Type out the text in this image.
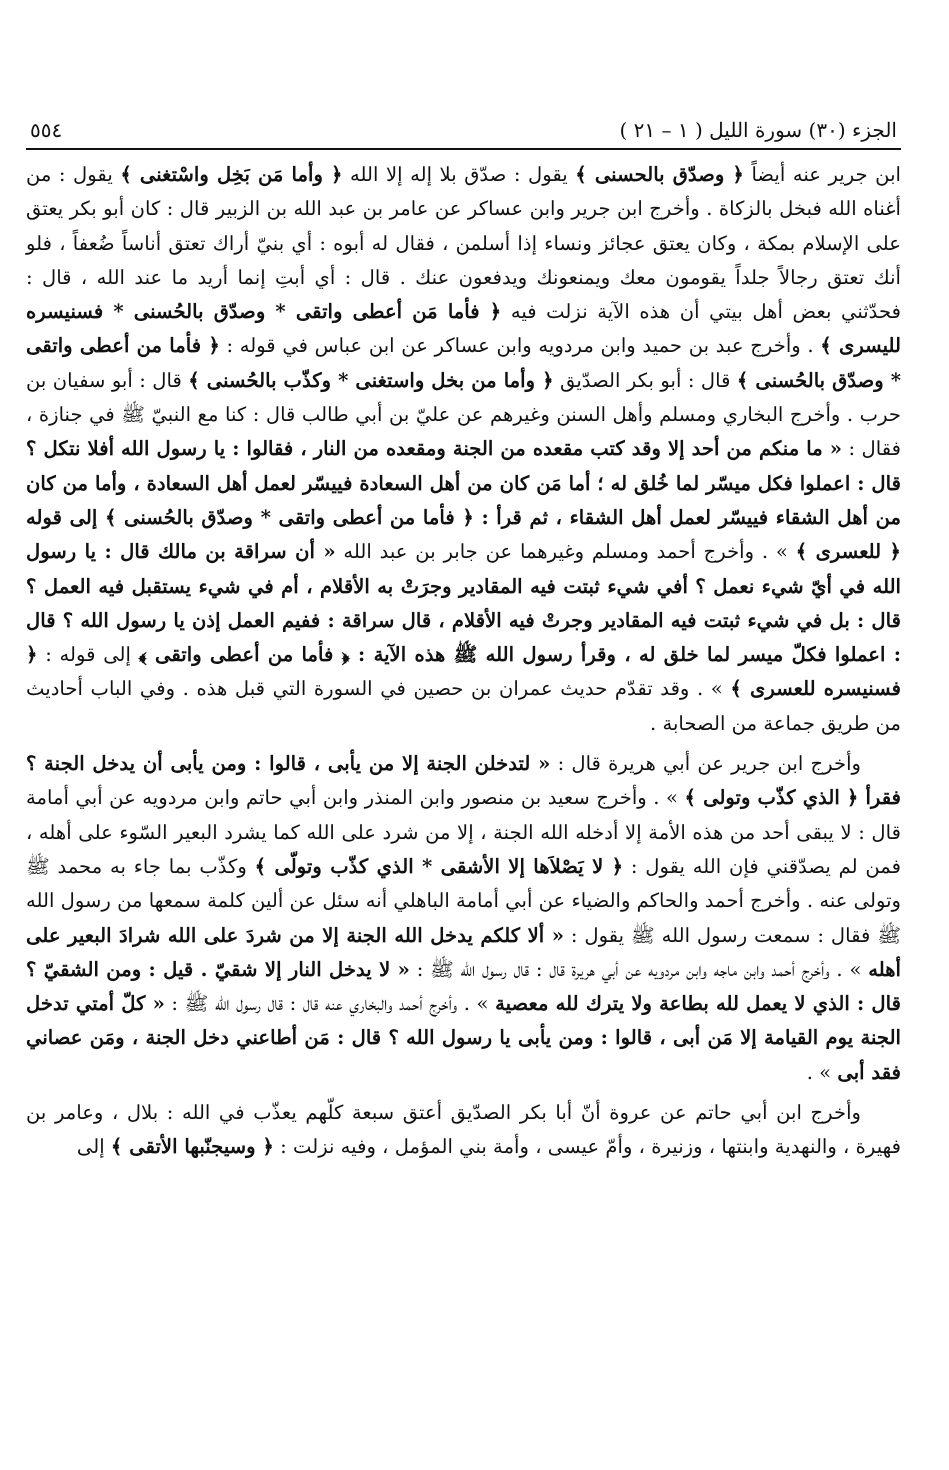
الجزء (٣٠) سورة الليل ( ١ – ٢١ )
٥٥٤

ابن جرير عنه أيضاً ﴿ وصدّق بالحسنى ﴾ يقول : صدّق بلا إله إلا الله ﴿ وأما مَن بَخِل واسْتغنى ﴾ يقول : من أغناه الله فبخل بالزكاة . وأخرج ابن جرير وابن عساكر عن عامر بن عبد الله بن الزبير قال : كان أبو بكر يعتق على الإسلام بمكة ، وكان يعتق عجائز ونساء إذا أسلمن ، فقال له أبوه : أي بنيّ أراك تعتق أناساً ضُعفاً ، فلو أنك تعتق رجالاً جلداً يقومون معك ويمنعونك ويدفعون عنك . قال : أي أبتِ إنما أريد ما عند الله ، قال : فحدّثني بعض أهل بيتي أن هذه الآية نزلت فيه ﴿ فأما مَن أعطى واتقى * وصدّق بالحُسنى * فسنيسره لليسرى ﴾ . وأخرج عبد بن حميد وابن مردويه وابن عساكر عن ابن عباس في قوله : ﴿ فأما من أعطى واتقى * وصدّق بالحُسنى ﴾ قال : أبو بكر الصدّيق ﴿ وأما من بخل واستغنى * وكذّب بالحُسنى ﴾ قال : أبو سفيان بن حرب . وأخرج البخاري ومسلم وأهل السنن وغيرهم عن عليّ بن أبي طالب قال : كنا مع النبيّ ﷺ في جنازة ، فقال : « ما منكم من أحد إلا وقد كتب مقعده من الجنة ومقعده من النار ، فقالوا : يا رسول الله أفلا نتكل ؟ قال : اعملوا فكل ميسّر لما خُلق له ؛ أما مَن كان من أهل السعادة فييسّر لعمل أهل السعادة ، وأما من كان من أهل الشقاء فييسّر لعمل أهل الشقاء ، ثم قرأ : ﴿ فأما من أعطى واتقى * وصدّق بالحُسنى ﴾ إلى قوله ﴿ للعسرى ﴾ » . وأخرج أحمد ومسلم وغيرهما عن جابر بن عبد الله « أن سراقة بن مالك قال : يا رسول الله في أيّ شيء نعمل ؟ أفي شيء ثبتت فيه المقادير وجرَتْ به الأقلام ، أم في شيء يستقبل فيه العمل ؟ قال : بل في شيء ثبتت فيه المقادير وجرتْ فيه الأقلام ، قال سراقة : ففيم العمل إذن يا رسول الله ؟ قال : اعملوا فكلّ ميسر لما خلق له ، وقرأ رسول الله ﷺ هذه الآية : ﴿ فأما من أعطى واتقى ﴾ إلى قوله : ﴿ فسنيسره للعسرى ﴾ » . وقد تقدّم حديث عمران بن حصين في السورة التي قبل هذه . وفي الباب أحاديث من طريق جماعة من الصحابة .

وأخرج ابن جرير عن أبي هريرة قال : « لتدخلن الجنة إلا من يأبى ، قالوا : ومن يأبى أن يدخل الجنة ؟ فقرأ ﴿ الذي كذّب وتولى ﴾ » . وأخرج سعيد بن منصور وابن المنذر وابن أبي حاتم وابن مردويه عن أبي أمامة قال : لا يبقى أحد من هذه الأمة إلا أدخله الله الجنة ، إلا من شرد على الله كما يشرد البعير السّوء على أهله ، فمن لم يصدّقني فإن الله يقول : ﴿ لا يَصْلاَها إلا الأشقى * الذي كذّب وتولّى ﴾ وكذّب بما جاء به محمد ﷺ وتولى عنه . وأخرج أحمد والحاكم والضياء عن أبي أمامة الباهلي أنه سئل عن ألين كلمة سمعها من رسول الله ﷺ فقال : سمعت رسول الله ﷺ يقول : « ألا كلكم يدخل الله الجنة إلا من شردَ على الله شرادَ البعير على أهله » . وأخرج أحمد وابن ماجه وابن مردويه عن أبي هريرة قال : قال رسول الله ﷺ : « لا يدخل النار إلا شقيّ . قيل : ومن الشقيّ ؟ قال : الذي لا يعمل لله بطاعة ولا يترك لله معصية » . وأخرج أحمد والبخاري عنه قال : قال رسول الله ﷺ : « كلّ أمتي تدخل الجنة يوم القيامة إلا مَن أبى ، قالوا : ومن يأبى يا رسول الله ؟ قال : مَن أطاعني دخل الجنة ، ومَن عصاني فقد أبى » .

وأخرج ابن أبي حاتم عن عروة أنّ أبا بكر الصدّيق أعتق سبعة كلّهم يعذّب في الله : بلال ، وعامر بن فهيرة ، والنهدية وابنتها ، وزنيرة ، وأمّ عيسى ، وأمة بني المؤمل ، وفيه نزلت : ﴿ وسيجنّبها الأتقى ﴾ إلى
